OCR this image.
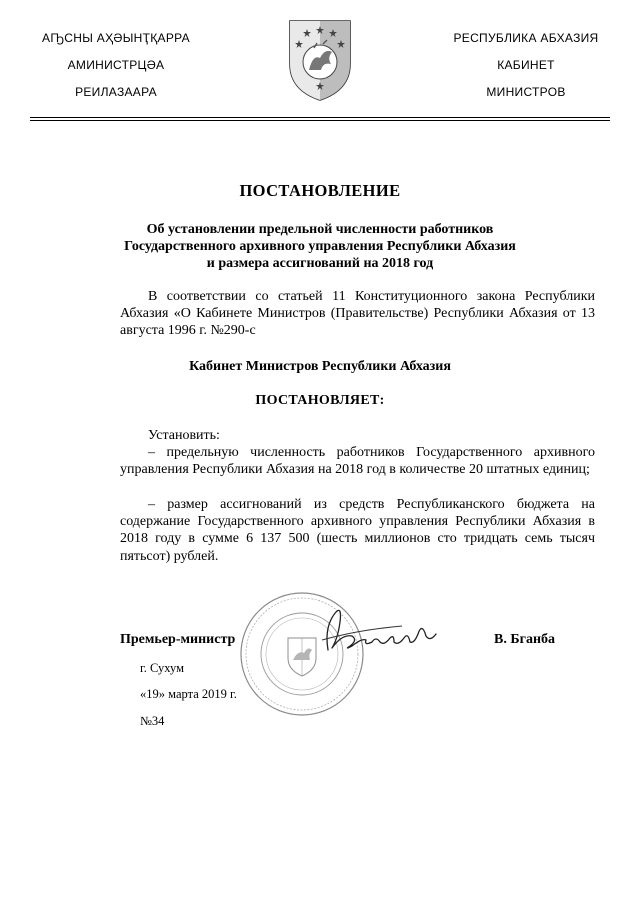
АҦСНЫ АҲӘЫНҬҚАРРА
АМИНИСТРЦӘА
РЕИЛАЗААРА
РЕСПУБЛИКА АБХАЗИЯ
КАБИНЕТ
МИНИСТРОВ
ПОСТАНОВЛЕНИЕ
Об установлении предельной численности работников
Государственного архивного управления Республики Абхазия
и размера ассигнований на 2018 год
В соответствии со статьей 11 Конституционного закона Республики Абхазия «О Кабинете Министров (Правительстве) Республики Абхазия от 13 августа 1996 г. №290-с
Кабинет Министров Республики Абхазия
ПОСТАНОВЛЯЕТ:
Установить:
– предельную численность работников Государственного архивного управления Республики Абхазия на 2018 год в количестве 20 штатных единиц;
– размер ассигнований из средств Республиканского бюджета на содержание Государственного архивного управления Республики Абхазия в 2018 году в сумме 6 137 500 (шесть миллионов сто тридцать семь тысяч пятьсот) рублей.
Премьер-министр	В. Бганба
г. Сухум
«19» марта 2019 г.
№34
